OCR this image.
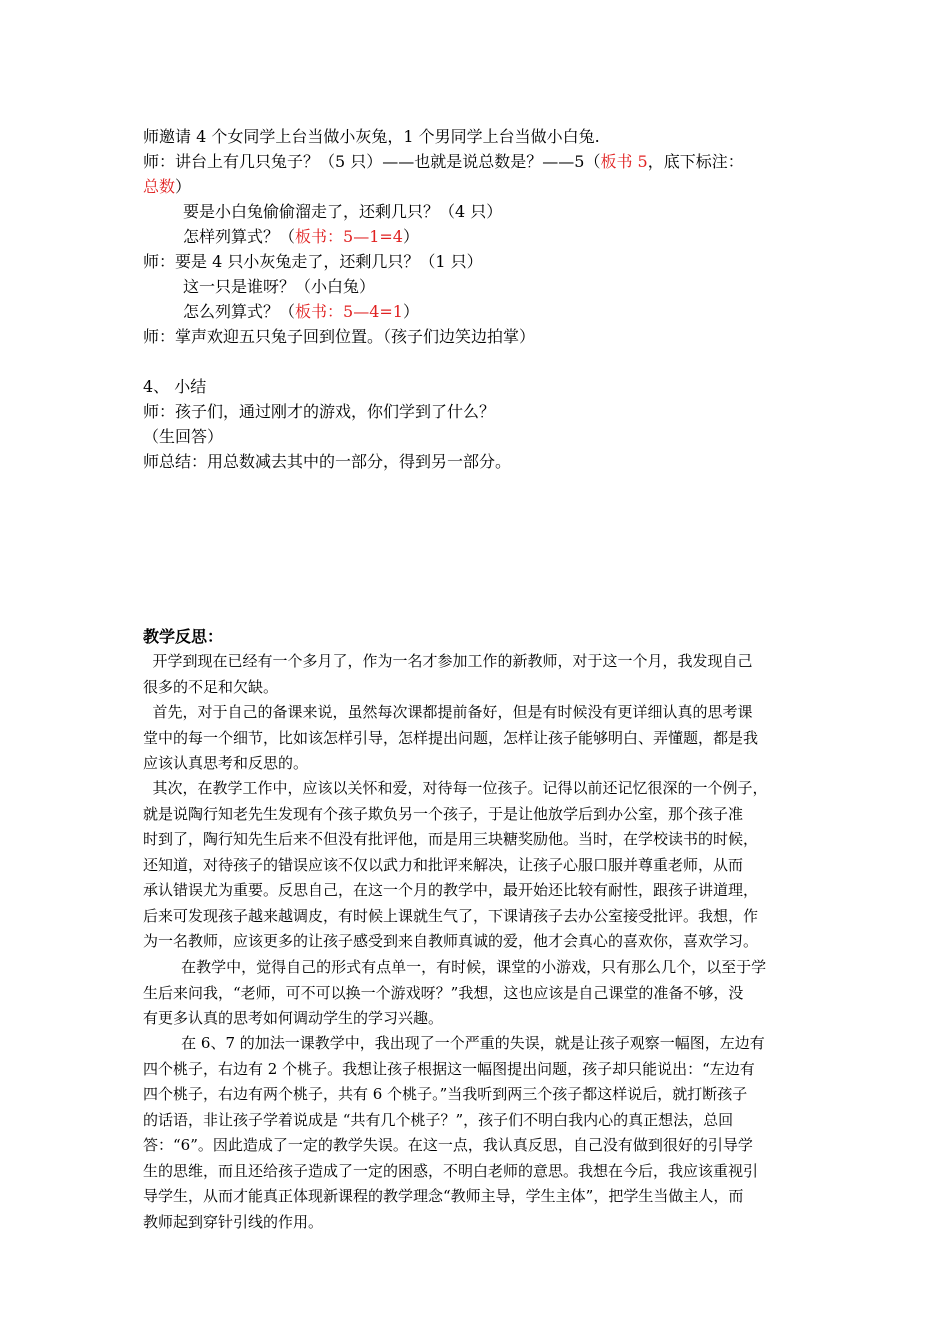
师邀请 4 个女同学上台当做小灰兔，1 个男同学上台当做小白兔.
师：讲台上有几只兔子？（5 只）——也就是说总数是？——5（板书 5，底下标注：
总数）
要是小白兔偷偷溜走了，还剩几只？（4 只）
怎样列算式？（板书：5—1=4）
师：要是 4 只小灰兔走了，还剩几只？（1 只）
这一只是谁呀？（小白兔）
怎么列算式？（板书：5—4=1）
师：掌声欢迎五只兔子回到位置。（孩子们边笑边拍掌）
4、 小结
师：孩子们，通过刚才的游戏，你们学到了什么？
（生回答）
师总结：用总数减去其中的一部分，得到另一部分。
教学反思：
开学到现在已经有一个多月了，作为一名才参加工作的新教师，对于这一个月，我发现自己
很多的不足和欠缺。
首先，对于自己的备课来说，虽然每次课都提前备好，但是有时候没有更详细认真的思考课
堂中的每一个细节，比如该怎样引导，怎样提出问题，怎样让孩子能够明白、弄懂题，都是我
应该认真思考和反思的。
其次，在教学工作中，应该以关怀和爱，对待每一位孩子。记得以前还记忆很深的一个例子，
就是说陶行知老先生发现有个孩子欺负另一个孩子，于是让他放学后到办公室，那个孩子准
时到了，陶行知先生后来不但没有批评他，而是用三块糖奖励他。当时，在学校读书的时候，
还知道，对待孩子的错误应该不仅以武力和批评来解决，让孩子心服口服并尊重老师，从而
承认错误尤为重要。反思自己，在这一个月的教学中，最开始还比较有耐性，跟孩子讲道理，
后来可发现孩子越来越调皮，有时候上课就生气了，下课请孩子去办公室接受批评。我想，作
为一名教师，应该更多的让孩子感受到来自教师真诚的爱，他才会真心的喜欢你，喜欢学习。
在教学中，觉得自己的形式有点单一，有时候，课堂的小游戏，只有那么几个，以至于学
生后来问我，“老师，可不可以换一个游戏呀？”我想，这也应该是自己课堂的准备不够，没
有更多认真的思考如何调动学生的学习兴趣。
在 6、7 的加法一课教学中，我出现了一个严重的失误，就是让孩子观察一幅图，左边有
四个桃子，右边有 2 个桃子。我想让孩子根据这一幅图提出问题，孩子却只能说出：“左边有
四个桃子，右边有两个桃子，共有 6 个桃子。”当我听到两三个孩子都这样说后，就打断孩子
的话语，非让孩子学着说成是 “共有几个桃子？”，孩子们不明白我内心的真正想法，总回
答：“6”。因此造成了一定的教学失误。在这一点，我认真反思，自己没有做到很好的引导学
生的思维，而且还给孩子造成了一定的困惑，不明白老师的意思。我想在今后，我应该重视引
导学生，从而才能真正体现新课程的教学理念“教师主导，学生主体”，把学生当做主人，而
教师起到穿针引线的作用。
